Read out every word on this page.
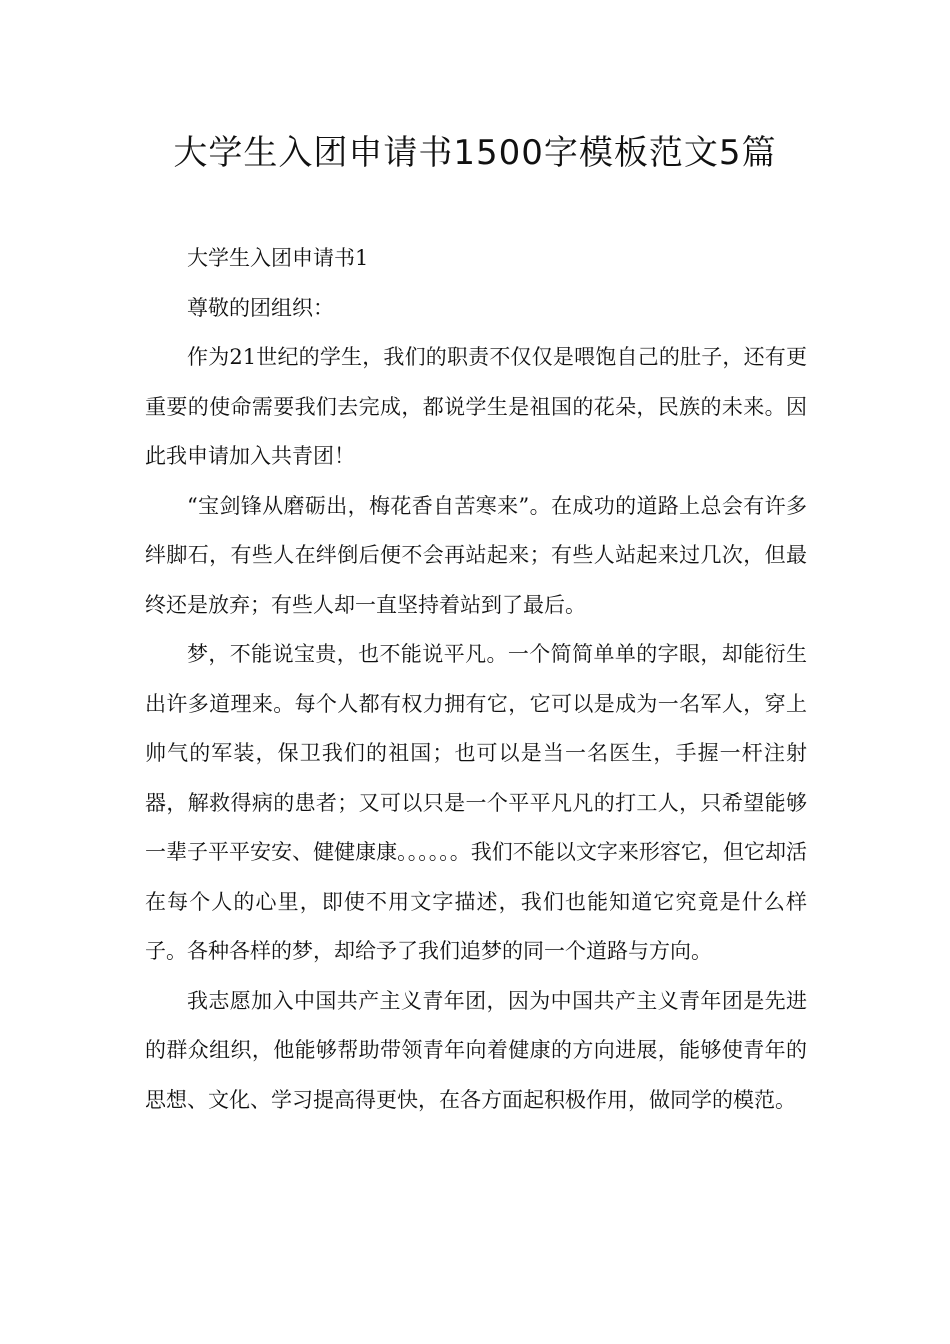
大学生入团申请书1500字模板范文5篇

大学生入团申请书1

尊敬的团组织：

作为21世纪的学生，我们的职责不仅仅是喂饱自己的肚子，还有更重要的使命需要我们去完成，都说学生是祖国的花朵，民族的未来。因此我申请加入共青团！

“宝剑锋从磨砺出，梅花香自苦寒来”。在成功的道路上总会有许多绊脚石，有些人在绊倒后便不会再站起来；有些人站起来过几次，但最终还是放弃；有些人却一直坚持着站到了最后。

梦，不能说宝贵，也不能说平凡。一个简简单单的字眼，却能衍生出许多道理来。每个人都有权力拥有它，它可以是成为一名军人，穿上帅气的军装，保卫我们的祖国；也可以是当一名医生，手握一杆注射器，解救得病的患者；又可以只是一个平平凡凡的打工人，只希望能够一辈子平平安安、健健康康。。。。。。我们不能以文字来形容它，但它却活在每个人的心里，即使不用文字描述，我们也能知道它究竟是什么样子。各种各样的梦，却给予了我们追梦的同一个道路与方向。

我志愿加入中国共产主义青年团，因为中国共产主义青年团是先进的群众组织，他能够帮助带领青年向着健康的方向进展，能够使青年的思想、文化、学习提高得更快，在各方面起积极作用，做同学的模范。
